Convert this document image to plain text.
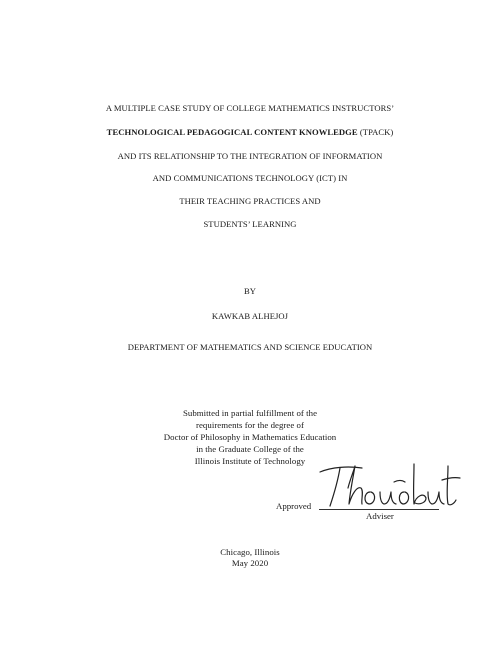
A MULTIPLE CASE STUDY OF COLLEGE MATHEMATICS INSTRUCTORS’
TECHNOLOGICAL PEDAGOGICAL CONTENT KNOWLEDGE (TPACK)
AND ITS RELATIONSHIP TO THE INTEGRATION OF INFORMATION
AND COMMUNICATIONS TECHNOLOGY (ICT) IN
THEIR TEACHING PRACTICES AND
STUDENTS’ LEARNING
BY
KAWKAB ALHEJOJ
DEPARTMENT OF MATHEMATICS AND SCIENCE EDUCATION
Submitted in partial fulfillment of the
requirements for the degree of
Doctor of Philosophy in Mathematics Education
in the Graduate College of the
Illinois Institute of Technology
Approved
Adviser
Chicago, Illinois
May 2020
